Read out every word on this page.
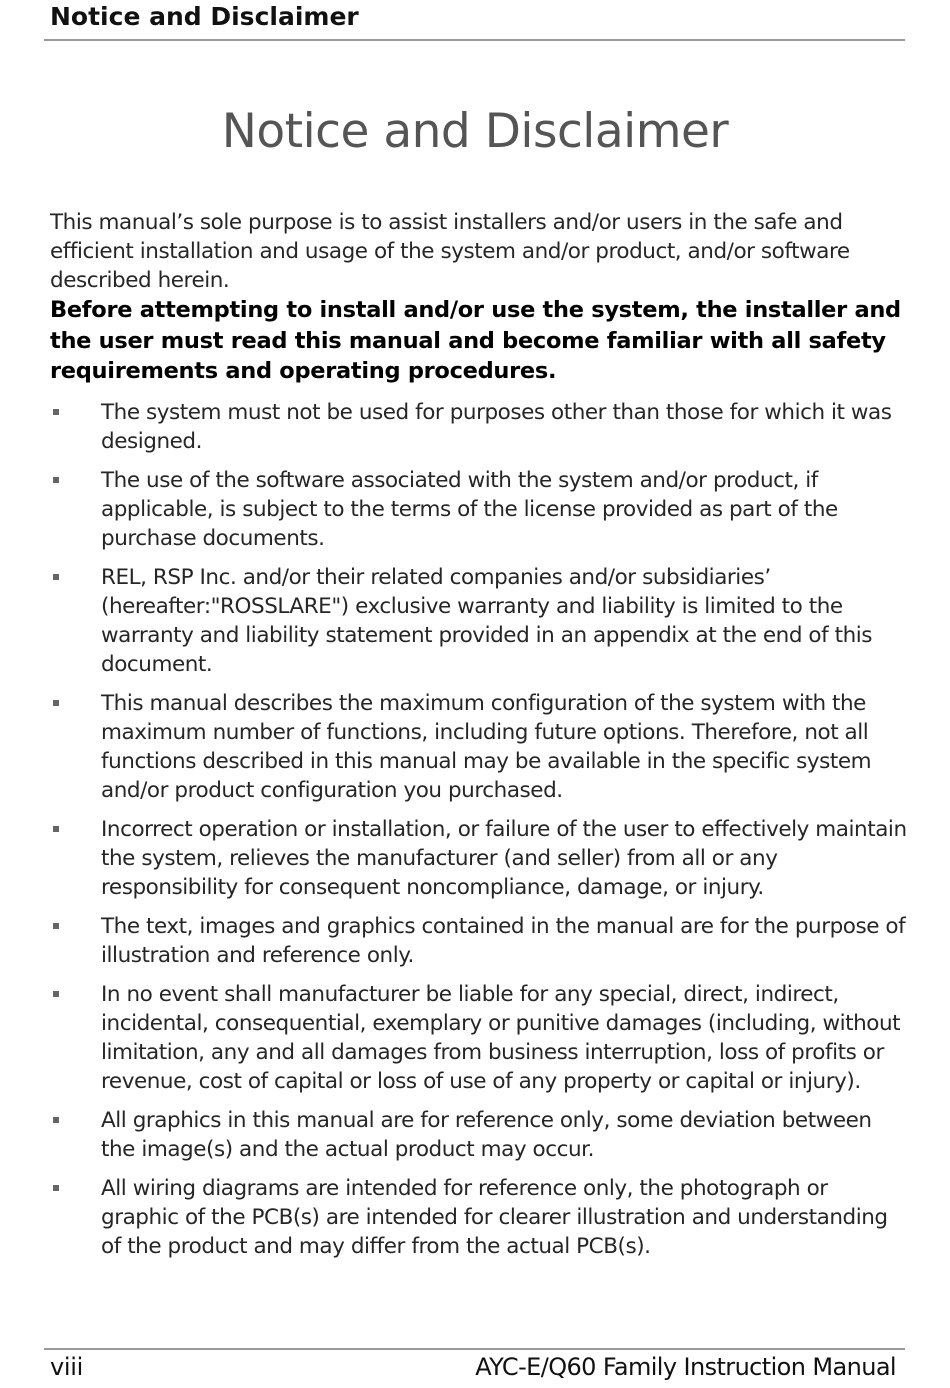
Notice and Disclaimer
Notice and Disclaimer

This manual’s sole purpose is to assist installers and/or users in the safe and efficient installation and usage of the system and/or product, and/or software described herein.

Before attempting to install and/or use the system, the installer and the user must read this manual and become familiar with all safety requirements and operating procedures.

The system must not be used for purposes other than those for which it was designed.
The use of the software associated with the system and/or product, if applicable, is subject to the terms of the license provided as part of the purchase documents.
REL, RSP Inc. and/or their related companies and/or subsidiaries’ (hereafter:"ROSSLARE") exclusive warranty and liability is limited to the warranty and liability statement provided in an appendix at the end of this document.
This manual describes the maximum configuration of the system with the maximum number of functions, including future options. Therefore, not all functions described in this manual may be available in the specific system and/or product configuration you purchased.
Incorrect operation or installation, or failure of the user to effectively maintain the system, relieves the manufacturer (and seller) from all or any responsibility for consequent noncompliance, damage, or injury.
The text, images and graphics contained in the manual are for the purpose of illustration and reference only.
In no event shall manufacturer be liable for any special, direct, indirect, incidental, consequential, exemplary or punitive damages (including, without limitation, any and all damages from business interruption, loss of profits or revenue, cost of capital or loss of use of any property or capital or injury).
All graphics in this manual are for reference only, some deviation between the image(s) and the actual product may occur.
All wiring diagrams are intended for reference only, the photograph or graphic of the PCB(s) are intended for clearer illustration and understanding of the product and may differ from the actual PCB(s).
viii	AYC-E/Q60 Family Instruction Manual
